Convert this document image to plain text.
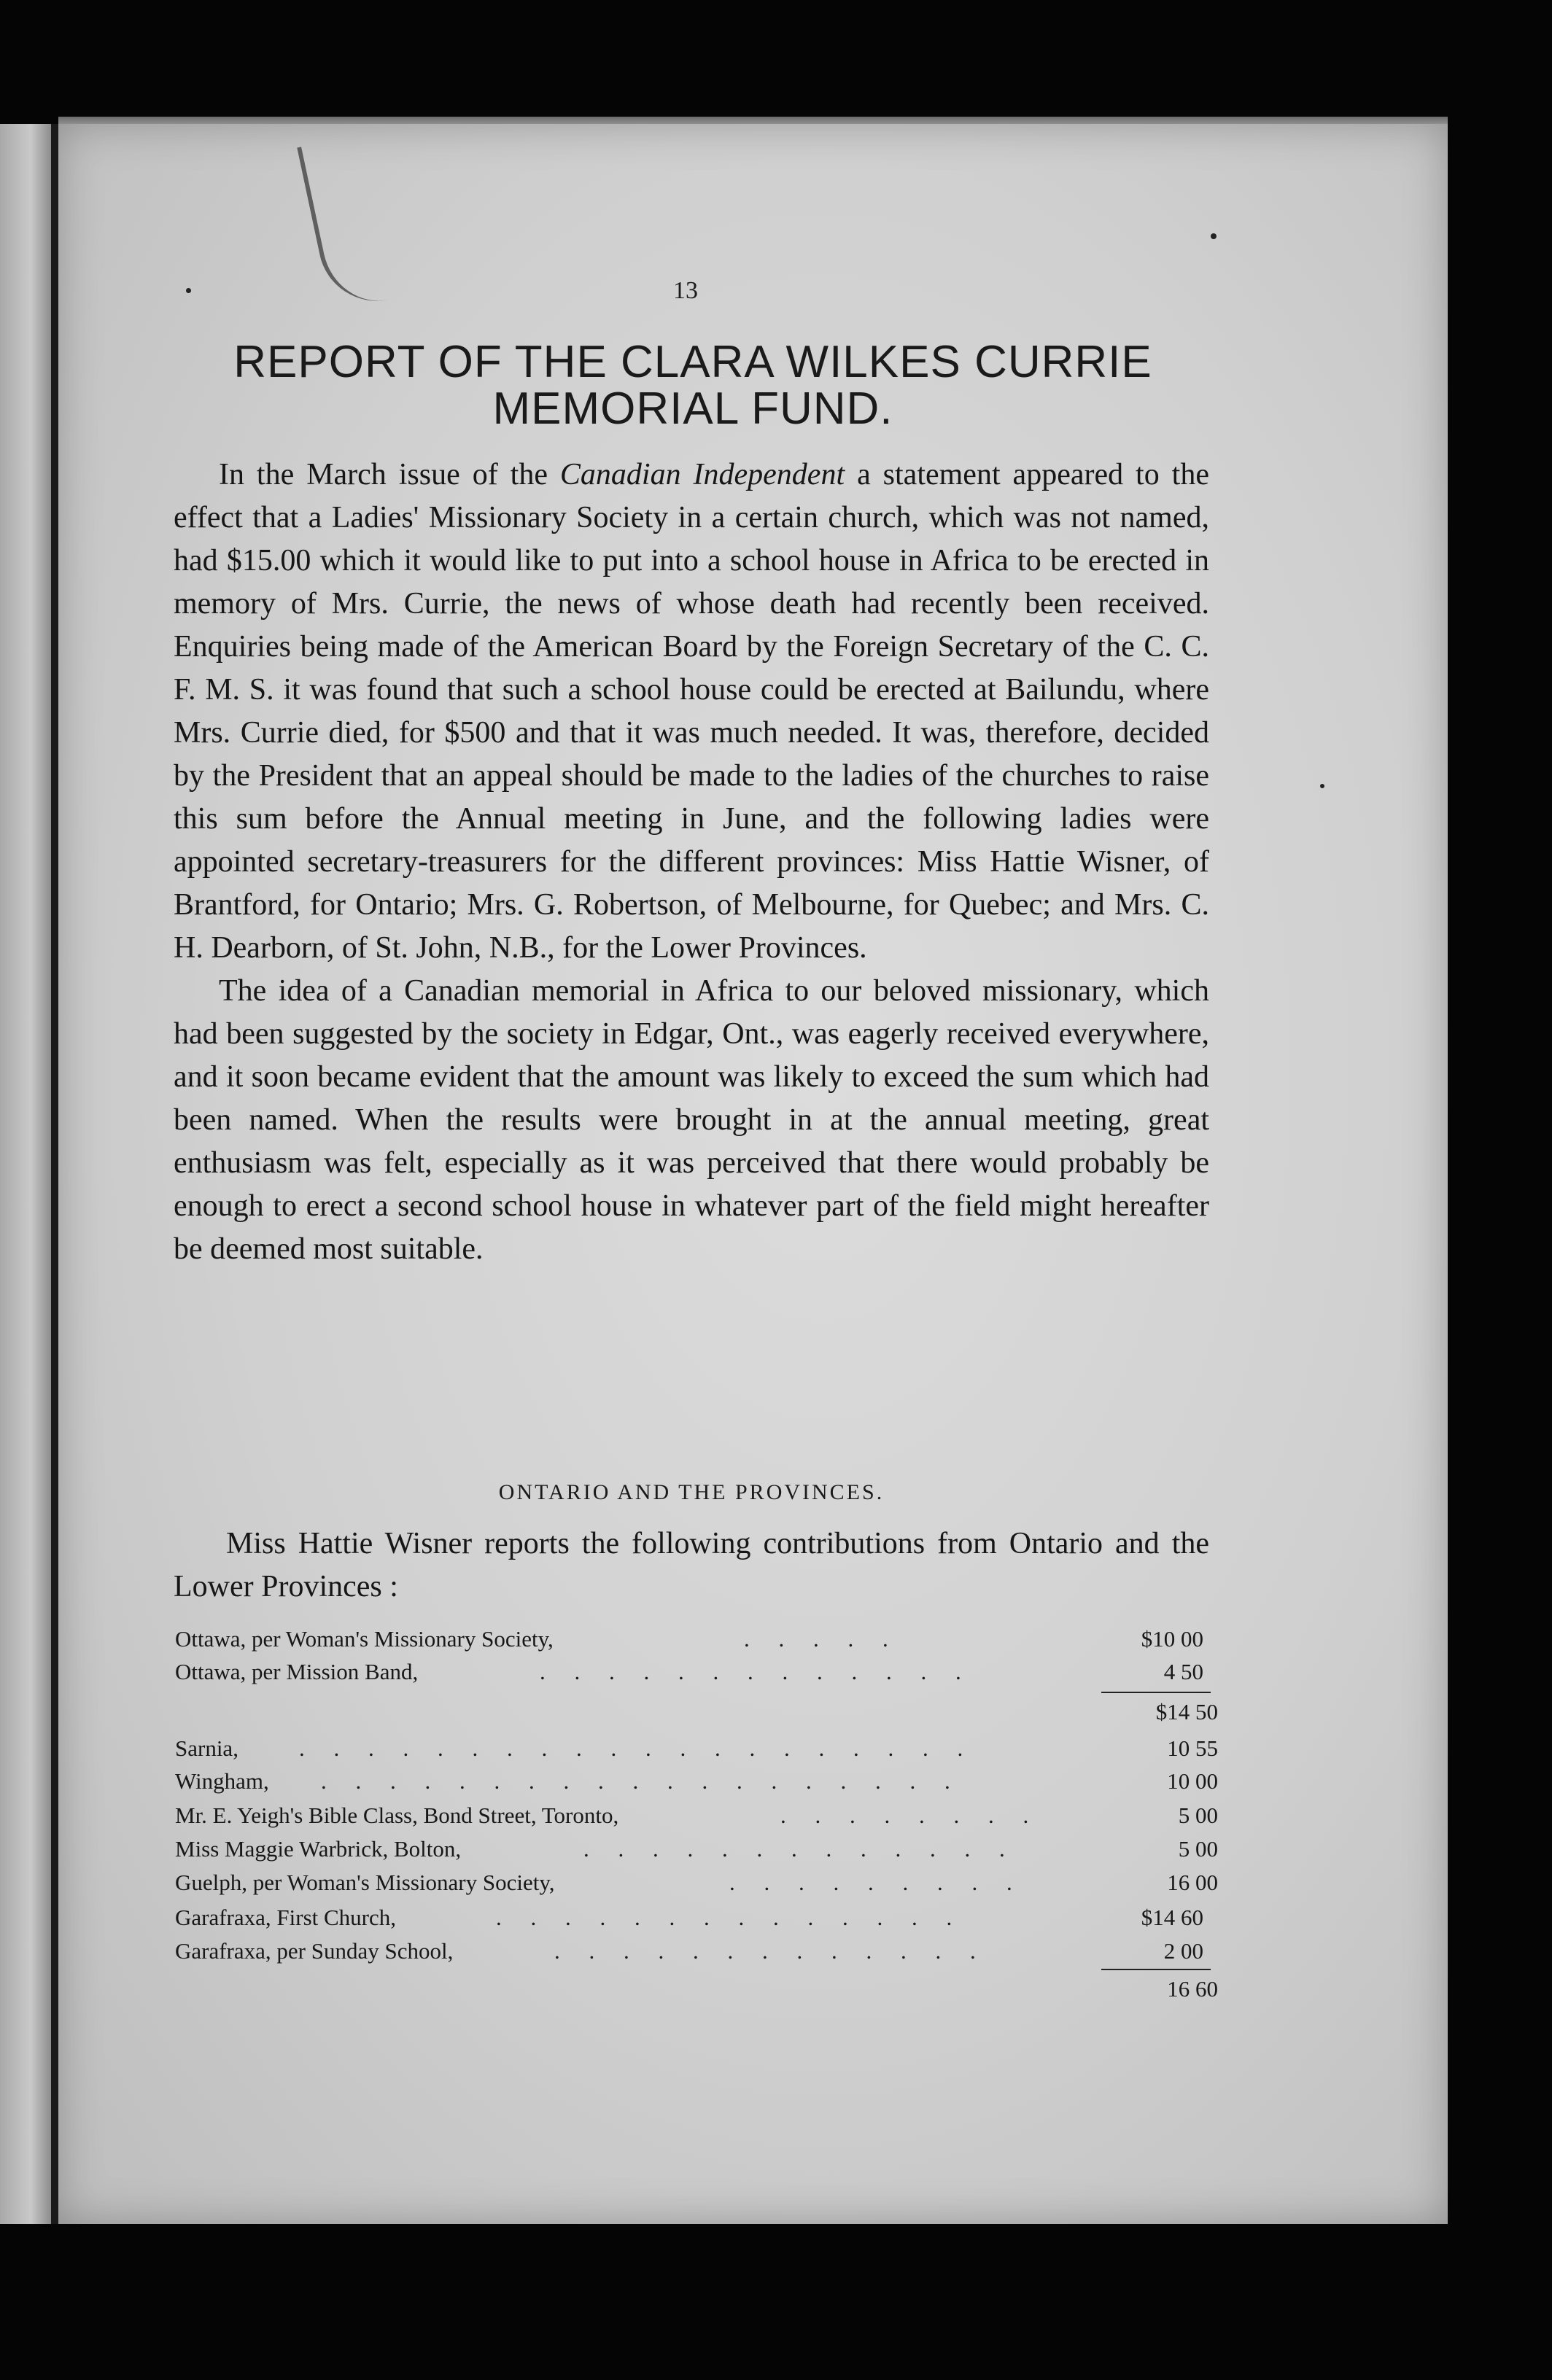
13
REPORT OF THE CLARA WILKES CURRIE
MEMORIAL FUND.

In the March issue of the Canadian Independent a statement appeared to the effect that a Ladies' Missionary Society in a certain church, which was not named, had $15.00 which it would like to put into a school house in Africa to be erected in memory of Mrs. Currie, the news of whose death had recently been received. Enquiries being made of the American Board by the Foreign Secretary of the C. C. F. M. S. it was found that such a school house could be erected at Bailundu, where Mrs. Currie died, for $500 and that it was much needed. It was, therefore, decided by the President that an appeal should be made to the ladies of the churches to raise this sum before the Annual meeting in June, and the following ladies were appointed secretary-treasurers for the different provinces: Miss Hattie Wisner, of Brantford, for Ontario; Mrs. G. Robertson, of Melbourne, for Quebec; and Mrs. C. H. Dearborn, of St. John, N.B., for the Lower Provinces.

The idea of a Canadian memorial in Africa to our beloved missionary, which had been suggested by the society in Edgar, Ont., was eagerly received everywhere, and it soon became evident that the amount was likely to exceed the sum which had been named. When the results were brought in at the annual meeting, great enthusiasm was felt, especially as it was perceived that there would probably be enough to erect a second school house in whatever part of the field might hereafter be deemed most suitable.

ONTARIO AND THE PROVINCES.

Miss Hattie Wisner reports the following contributions from Ontario and the Lower Provinces :

Ottawa, per Woman's Missionary Society,	. . . . .	$10 00
Ottawa, per Mission Band,	. . . . . . . . . . . . .	4 50
$14 50
Sarnia,	. . . . . . . . . . . . . . . . . . . .	10 55
Wingham, . . . . . . . . . . . . . . . . . . .	10 00
Mr. E. Yeigh's Bible Class, Bond Street, Toronto,	. . . . . . . .	5 00
Miss Maggie Warbrick, Bolton,	. . . . . . . . . . . . .	5 00
Guelph, per Woman's Missionary Society,	. . . . . . . . .	16 00
Garafraxa, First Church,	. . . . . . . . . . . . . .	$14 60
Garafraxa, per Sunday School,	. . . . . . . . . . . . .	2 00
16 60
